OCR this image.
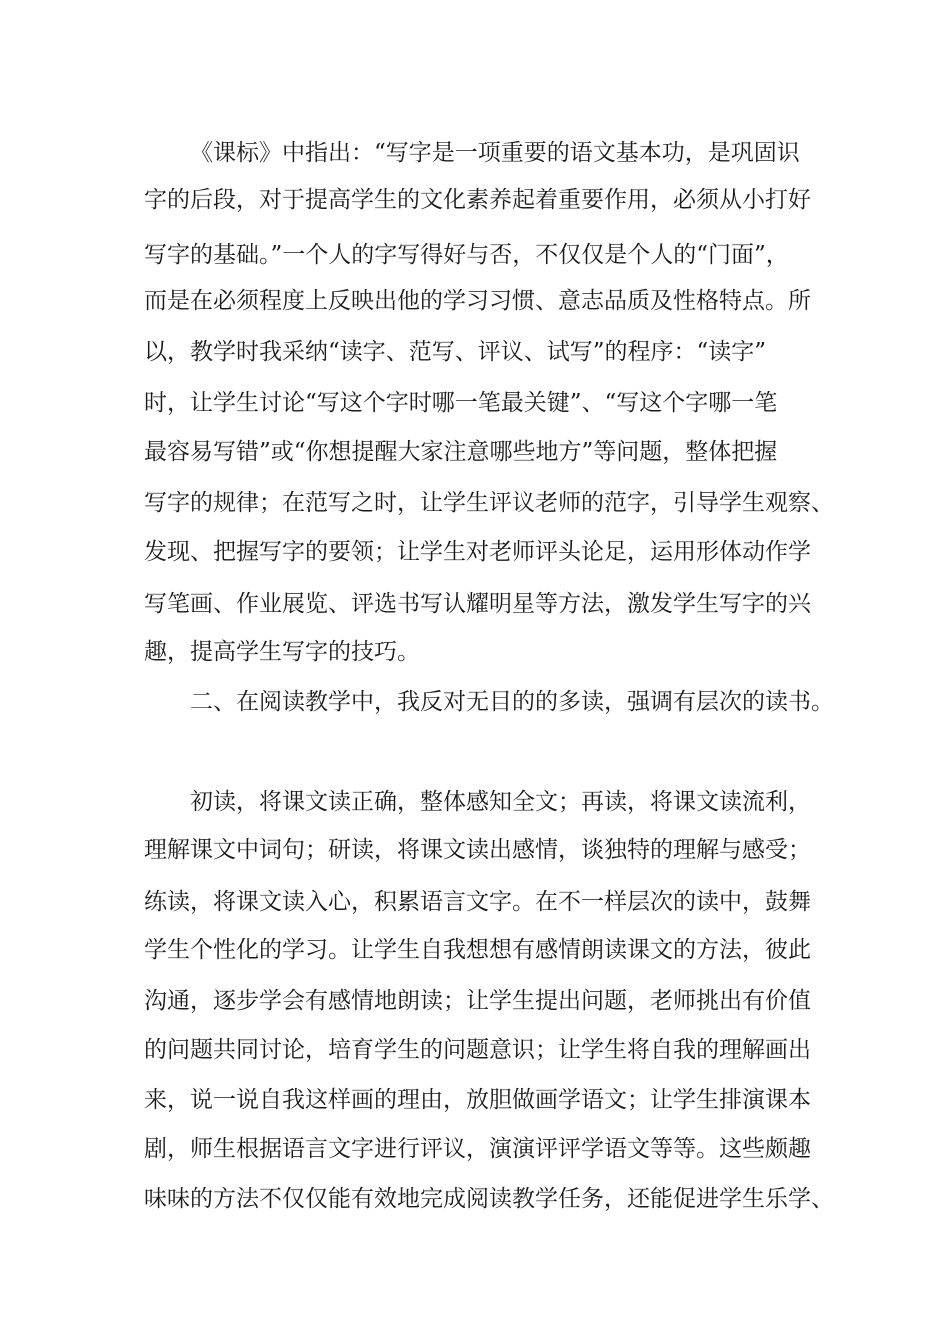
《课标》中指出：“写字是一项重要的语文基本功，是巩固识
字的后段，对于提高学生的文化素养起着重要作用，必须从小打好
写字的基础。”一个人的字写得好与否，不仅仅是个人的“门面”，
而是在必须程度上反映出他的学习习惯、意志品质及性格特点。所
以，教学时我采纳“读字、范写、评议、试写”的程序：“读字”
时，让学生讨论“写这个字时哪一笔最关键”、“写这个字哪一笔
最容易写错”或“你想提醒大家注意哪些地方”等问题，整体把握
写字的规律；在范写之时，让学生评议老师的范字，引导学生观察、
发现、把握写字的要领；让学生对老师评头论足，运用形体动作学
写笔画、作业展览、评选书写认耀明星等方法，激发学生写字的兴
趣，提高学生写字的技巧。
二、在阅读教学中，我反对无目的的多读，强调有层次的读书。
初读，将课文读正确，整体感知全文；再读，将课文读流利，
理解课文中词句；研读，将课文读出感情，谈独特的理解与感受；
练读，将课文读入心，积累语言文字。在不一样层次的读中，鼓舞
学生个性化的学习。让学生自我想想有感情朗读课文的方法，彼此
沟通，逐步学会有感情地朗读；让学生提出问题，老师挑出有价值
的问题共同讨论，培育学生的问题意识；让学生将自我的理解画出
来，说一说自我这样画的理由，放胆做画学语文；让学生排演课本
剧，师生根据语言文字进行评议，演演评评学语文等等。这些颇趣
味味的方法不仅仅能有效地完成阅读教学任务，还能促进学生乐学、
